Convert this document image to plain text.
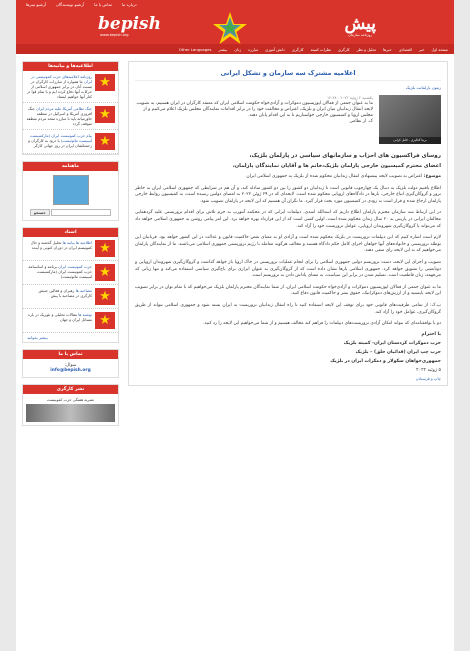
درباره ما
تماس با ما
آرشیو نویسندگان
آرشیو تیترها
پیش
روزنامه سازمان
bepish
www.bepish.org
صفحه اول
خبر
اقتصادی
خبرها
تحلیل و نظر
کارگری
نظرات کمیته
کارگری
دانش آموزی
مبارزه
زنان
بیشتر
Other Languages
اعلامیه مشترک سه سازمان و تشکل ایرانی
زیتون پارلمانت بلژیک
بریتا گدالیزی - کامل کرانی
یکشنبه ۲ ژوئیه ۲۰۲۲ - ۱۲:۴۸
ما به عنوان جمعی از فعالان اپوزیسیون دموکرات و آزادی‌خواه حکومت اسلامی ایران که معتقد کارگران در ایران هستیم، به تصویب لایحه انتقال زندانیان میان ایران و بلژیک، اعتراض و مخالفت خود را در برابر اقدامات نمایندگان مجلس بلژیک اعلام می‌کنیم و از مجلس اروپا و کمیسیون خارجی خواستاریم تا به این اقدام پایان دهند.
ک. ار نظامی
روسای فراکسیون های احزاب و سازمانهای سیاسی در پارلمان بلژیک،
اعضای محترم کمیسیون خارجی پارلمان بلژیک،خانم ها و آقایان نمایندگان پارلمان،
موضوع: اعتراض به تصویب لایحه پیشنهادی انتقال زندانیان محکوم شده از بلژیک به جمهوری اسلامی ایران
اطلاع یافتیم دولت بلژیک به دنبال یک چهارچوب قانونی است تا زندانیان دو کشور را بین دو کشور مبادله کند، و آن هم در شرایطی که جمهوری اسلامی ایران به خاطر ترور و گروگان‌گیری اتباع خارجی، بارها در دادگاه‌های اروپایی محکوم شده است. لایحه‌ای که در ۲۹ ژوئن ۲۰۲۲ به امضای دولتین رسیده است، به کمیسیون روابط خارجی پارلمان ارجاع شده و قرار است به زودی در کمیسیون مورد بحث قرار گیرد. ما نگران آن هستیم که این لایحه در پارلمان تصویب شود.
در این ارتباط سه سازمان محترم پارلمان اطلاع داریم که اسدالله اسدی، دیپلمات ایرانی که در محکمه آنتورپ به جرم تلاش برای اقدام تروریستی علیه گردهمایی مخالفان ایرانی در پاریس به ۲۰ سال زندان محکوم شده است، اولین کسی است که از این قرارداد بهره خواهد برد. این امر پیامی روشن به جمهوری اسلامی خواهد داد که می‌تواند با گروگان‌گیری شهروندان اروپایی، عوامل تروریست خود را آزاد کند.
لازم است اشاره کنیم که این دیپلمات تروریست در بلژیک محکوم شده است و آزادی او به معنای نقض حاکمیت قانون و عدالت در این کشور خواهد بود. قربانیان این توطئه تروریستی و خانواده‌های آنها خواهان اجرای کامل حکم دادگاه هستند و مخالف هرگونه معامله با رژیم تروریستی جمهوری اسلامی می‌باشند. ما از نمایندگان پارلمان می‌خواهیم که به این لایحه رای منفی دهند.
تصویب و اجرای این لایحه، دست تروریسم دولتی جمهوری اسلامی را برای انجام عملیات تروریستی در خاک اروپا باز خواهد گذاشت و گروگان‌گیری شهروندان اروپایی و دوتابعیتی را تشویق خواهد کرد. جمهوری اسلامی بارها نشان داده است که از گروگان‌گیری به عنوان ابزاری برای باج‌گیری سیاسی استفاده می‌کند و تنها زبانی که می‌فهمد، زبان قاطعیت است. تسلیم شدن در برابر این سیاست، به معنای پاداش دادن به تروریسم است.
ما به عنوان جمعی از فعالان اپوزیسیون دموکرات و آزادی‌خواه حکومت اسلامی ایران، از شما نمایندگان محترم پارلمان بلژیک می‌خواهیم که با تمام توان در برابر تصویب این لایحه بایستید و از ارزش‌های دموکراتیک، حقوق بشر و حاکمیت قانون دفاع کنید.
پ.ک: از تمامی ظرفیت‌های قانونی خود برای توقف این لایحه استفاده کنید تا راه انتقال زندانیان تروریست به ایران بسته شود و جمهوری اسلامی نتواند از طریق گروگان‌گیری، عوامل خود را آزاد کند.
دو با نوافقنامه‌ای که بتواند امکان آزادی تروریست‌های دیپلمات را فراهم کند مخالف هستیم و از شما می‌خواهیم این لایحه را رد کنید.
با احترام
حزب دموکرات کردستان ایران- کمیته بلژیک
حزب چپ ایران (فدائیان خلق) – بلژیک
جمهوری‌خواهان سکولار و دمکرات ایران در بلژیک
۵ ژوئیه ۲۰۲۲
چاپ و فرستادن
اطلاعیه‌ها و بیانیه‌ها
★
روزنامه اعلامیه‌های حزب کمونیستی در ایران ما همواره از مبارزات کارگران در نسبت آنان در برابر جمهوری اسلامی از حرکات آنها دفاع کرده ایم و با تمام قوا در کنار آنها خواهیم ایستاد
★
جنگ نظامی آمریکا علیه مردم ایران جنگ افروزی آمریکا و اسرائیل در منطقه خاورمیانه باید با مبارزه متحد مردم منطقه متوقف گردد
★
پیام حزب کمونیست ایران (مارکسیست لنینیست مائوئیست) با درود به کارگران و زحمتکشان ایران در روز جهانی کارگر
ماهنامه
جستجو
اسناد
★
اطلاعیه ها بیانیه ها تحلیل گذشته و حال کمونیسم ایران در دوران کنونی و آینده
★
حزب کمونیست ایران برنامه و اساسنامه حزب کمونیست ایران (مارکسیست لنینیست مائوئیست)
★
مصاحبه ها رهبران و فعالین جنبش کارگری در مصاحبه با پیش
★
نوشته ها مقالات تحلیلی و تئوریک در باره مسائل ایران و جهان
بیشتر بخوانید
تماس با ما
سوال:
info@bepish.org
نشر کارگری
نشریه هفتگی حزب کمونیست
